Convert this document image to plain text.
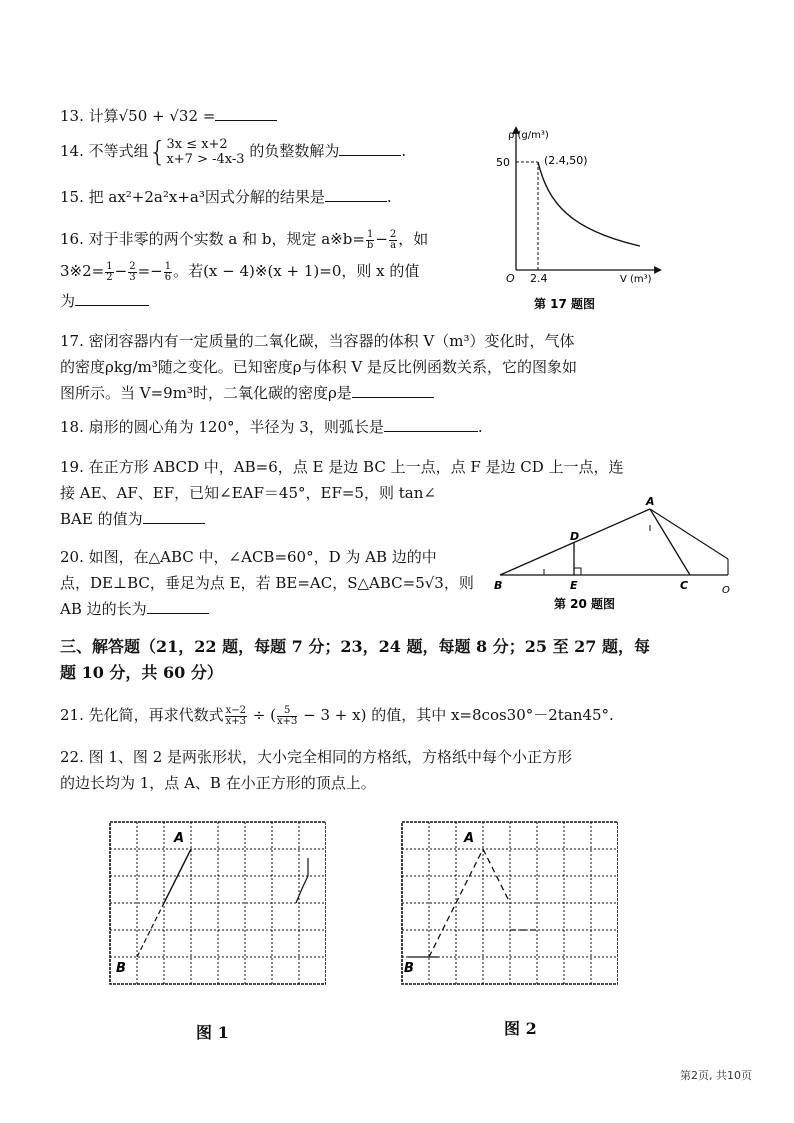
13. 计算√50 + √32 =
14. 不等式组{ 3x ≤ x+2
x+7 > -4x-3 的负整数解为	.
15. 把 ax²+2a²x+a³因式分解的结果是	.
16. 对于非零的两个实数 a 和 b，规定 a※b= $\frac{1}{b} - \frac{2}{a}$ ，如
3※2= $\frac{1}{2} - \frac{2}{3} =- \frac{1}{6}$ 。若(x − 4)※(x + 1)=0，则 x 的值
为
ρ (g/m³)
50	(2.4,50)
O 2.4	V (m³)
第 17 题图
17. 密闭容器内有一定质量的二氧化碳，当容器的体积 V（m³）变化时，气体
的密度ρkg/m³随之变化。已知密度ρ与体积 V 是反比例函数关系，它的图象如
图所示。当 V=9m³时，二氧化碳的密度ρ是
18. 扇形的圆心角为 120°，半径为 3，则弧长是	.
19. 在正方形 ABCD 中，AB=6，点 E 是边 BC 上一点，点 F 是边 CD 上一点，连
接 AE、AF、EF，已知∠EAF＝45°，EF=5，则 tan∠
BAE 的值为
A
B	C
D
E	O
第 20 题图
20. 如图，在△ABC 中，∠ACB=60°，D 为 AB 边的中
点，DE⊥BC，垂足为点 E，若 BE=AC，S△ABC=5√3，则
AB 边的长为
三、解答题（21，22 题，每题 7 分；23，24 题，每题 8 分；25 至 27 题，每
题 10 分，共 60 分）
21. 先化简，再求代数式 $\frac{x-2}{x+3}$ ÷ ( $\frac{5}{x+3} - 3 + x$) 的值，其中 x=8cos30°－2tan45°.
22. 图 1、图 2 是两张形状，大小完全相同的方格纸，方格纸中每个小正方形
的边长均为 1，点 A、B 在小正方形的顶点上。
A
B
图 1
A
B
图 2
第2页, 共10页
